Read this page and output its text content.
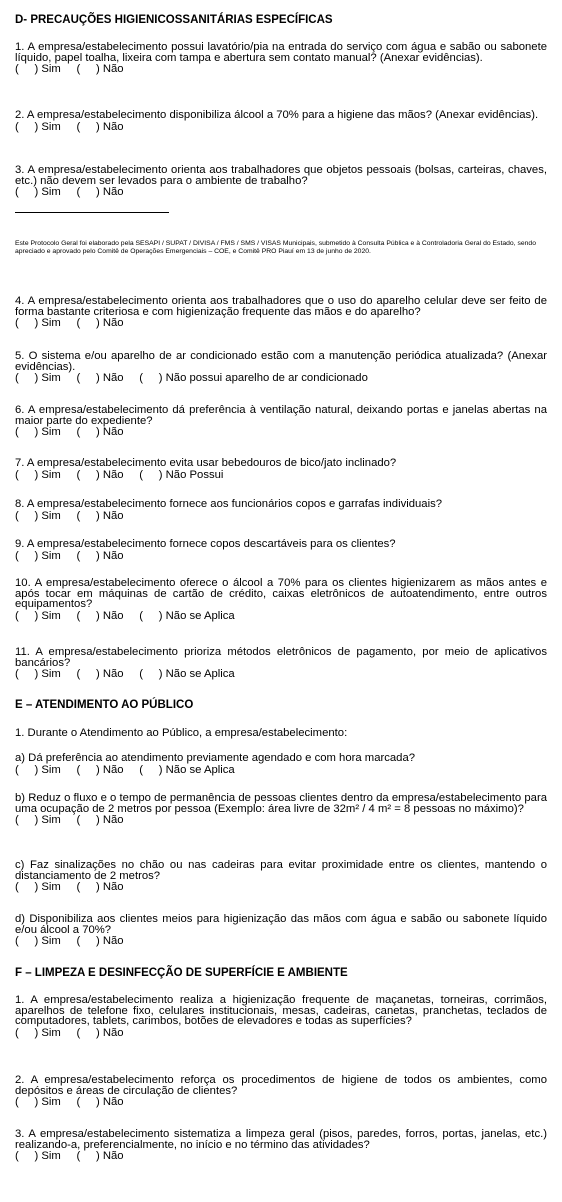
D- PRECAUÇÕES HIGIENICOSSANITÁRIAS ESPECÍFICAS
1. A empresa/estabelecimento possui lavatório/pia na entrada do serviço com água e sabão ou sabonete líquido, papel toalha, lixeira com tampa e abertura sem contato manual? (Anexar evidências).
(     ) Sim     (     ) Não
2. A empresa/estabelecimento disponibiliza álcool a 70% para a higiene das mãos? (Anexar evidências).
(     ) Sim     (     ) Não
3. A empresa/estabelecimento orienta aos trabalhadores que objetos pessoais (bolsas, carteiras, chaves, etc.) não devem ser levados para o ambiente de trabalho?
(     ) Sim     (     ) Não
Este Protocolo Geral foi elaborado pela SESAPI / SUPAT / DIVISA / FMS / SMS / VISAS Municipais, submetido à Consulta Pública e à Controladoria Geral do Estado, sendo apreciado e aprovado pelo Comitê de Operações Emergenciais – COE, e Comitê PRO Piauí em 13 de junho de 2020.
4. A empresa/estabelecimento orienta aos trabalhadores que o uso do aparelho celular deve ser feito de forma bastante criteriosa e com higienização frequente das mãos e do aparelho?
(     ) Sim     (     ) Não
5. O sistema e/ou aparelho de ar condicionado estão com a manutenção periódica atualizada? (Anexar evidências).
(     ) Sim     (     ) Não     (     ) Não possui aparelho de ar condicionado
6. A empresa/estabelecimento dá preferência à ventilação natural, deixando portas e janelas abertas na maior parte do expediente?
(     ) Sim     (     ) Não
7. A empresa/estabelecimento evita usar bebedouros de bico/jato inclinado?
(     ) Sim     (     ) Não     (     ) Não Possui
8. A empresa/estabelecimento fornece aos funcionários copos e garrafas individuais?
(     ) Sim     (     ) Não
9. A empresa/estabelecimento fornece copos descartáveis para os clientes?
(     ) Sim     (     ) Não
10. A empresa/estabelecimento oferece o álcool a 70% para os clientes higienizarem as mãos antes e após tocar em máquinas de cartão de crédito, caixas eletrônicos de autoatendimento, entre outros equipamentos?
(     ) Sim     (     ) Não     (     ) Não se Aplica
11. A empresa/estabelecimento prioriza métodos eletrônicos de pagamento, por meio de aplicativos bancários?
(     ) Sim     (     ) Não     (     ) Não se Aplica
E – ATENDIMENTO AO PÚBLICO
1. Durante o Atendimento ao Público, a empresa/estabelecimento:
a) Dá preferência ao atendimento previamente agendado e com hora marcada?
(     ) Sim     (     ) Não     (     ) Não se Aplica
b) Reduz o fluxo e o tempo de permanência de pessoas clientes dentro da empresa/estabelecimento para uma ocupação de 2 metros por pessoa (Exemplo: área livre de 32m² / 4 m² = 8 pessoas no máximo)?
(     ) Sim     (     ) Não
c) Faz sinalizações no chão ou nas cadeiras para evitar proximidade entre os clientes, mantendo o distanciamento de 2 metros?
(     ) Sim     (     ) Não
d) Disponibiliza aos clientes meios para higienização das mãos com água e sabão ou sabonete líquido e/ou álcool a 70%?
(     ) Sim     (     ) Não
F – LIMPEZA E DESINFECÇÃO DE SUPERFÍCIE E AMBIENTE
1. A empresa/estabelecimento realiza a higienização frequente de maçanetas, torneiras, corrimãos, aparelhos de telefone fixo, celulares institucionais, mesas, cadeiras, canetas, pranchetas, teclados de computadores, tablets, carimbos, botões de elevadores e todas as superfícies?
(     ) Sim     (     ) Não
2. A empresa/estabelecimento reforça os procedimentos de higiene de todos os ambientes, como depósitos e áreas de circulação de clientes?
(     ) Sim     (     ) Não
3. A empresa/estabelecimento sistematiza a limpeza geral (pisos, paredes, forros, portas, janelas, etc.) realizando-a, preferencialmente, no início e no término das atividades?
(     ) Sim     (     ) Não
